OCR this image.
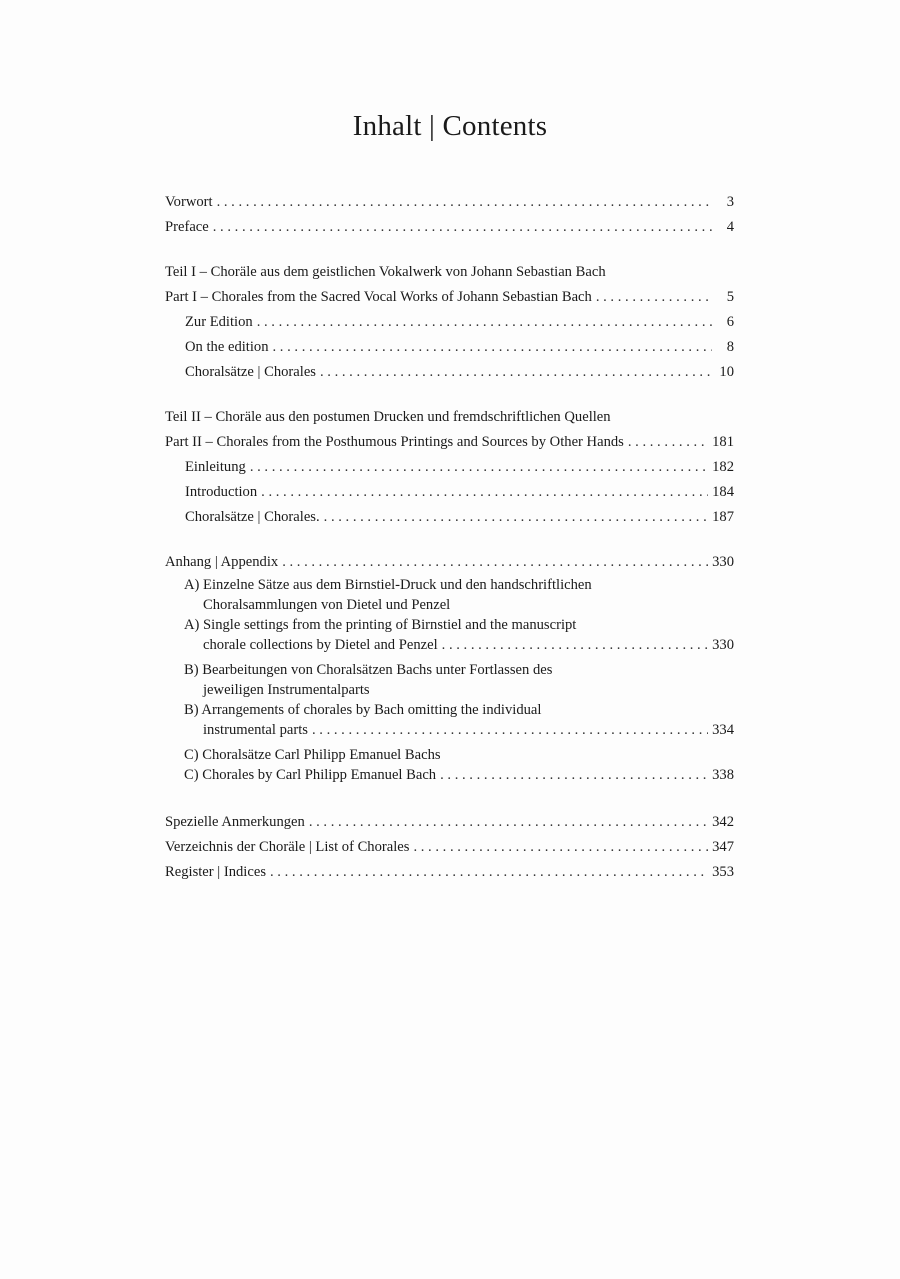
Inhalt | Contents
Vorwort . . .	3
Preface . . .	4
Teil I – Choräle aus dem geistlichen Vokalwerk von Johann Sebastian Bach
Part I – Chorales from the Sacred Vocal Works of Johann Sebastian Bach . . .	5
Zur Edition . . .	6
On the edition . . .	8
Choralsätze | Chorales . . .	10
Teil II – Choräle aus den postumen Drucken und fremdschriftlichen Quellen
Part II – Chorales from the Posthumous Printings and Sources by Other Hands . . .	181
Einleitung . . .	182
Introduction . . .	184
Choralsätze | Chorales. . . .	187
Anhang | Appendix . . .	330
A) Einzelne Sätze aus dem Birnstiel-Druck und den handschriftlichen
Choralsammlungen von Dietel und Penzel
A) Single settings from the printing of Birnstiel and the manuscript
chorale collections by Dietel and Penzel . . .	330
B) Bearbeitungen von Choralsätzen Bachs unter Fortlassen des
jeweiligen Instrumentalparts
B) Arrangements of chorales by Bach omitting the individual
instrumental parts . . .	334
C) Choralsätze Carl Philipp Emanuel Bachs
C) Chorales by Carl Philipp Emanuel Bach . . .	338
Spezielle Anmerkungen . . .	342
Verzeichnis der Choräle | List of Chorales . . .	347
Register | Indices . . .	353
